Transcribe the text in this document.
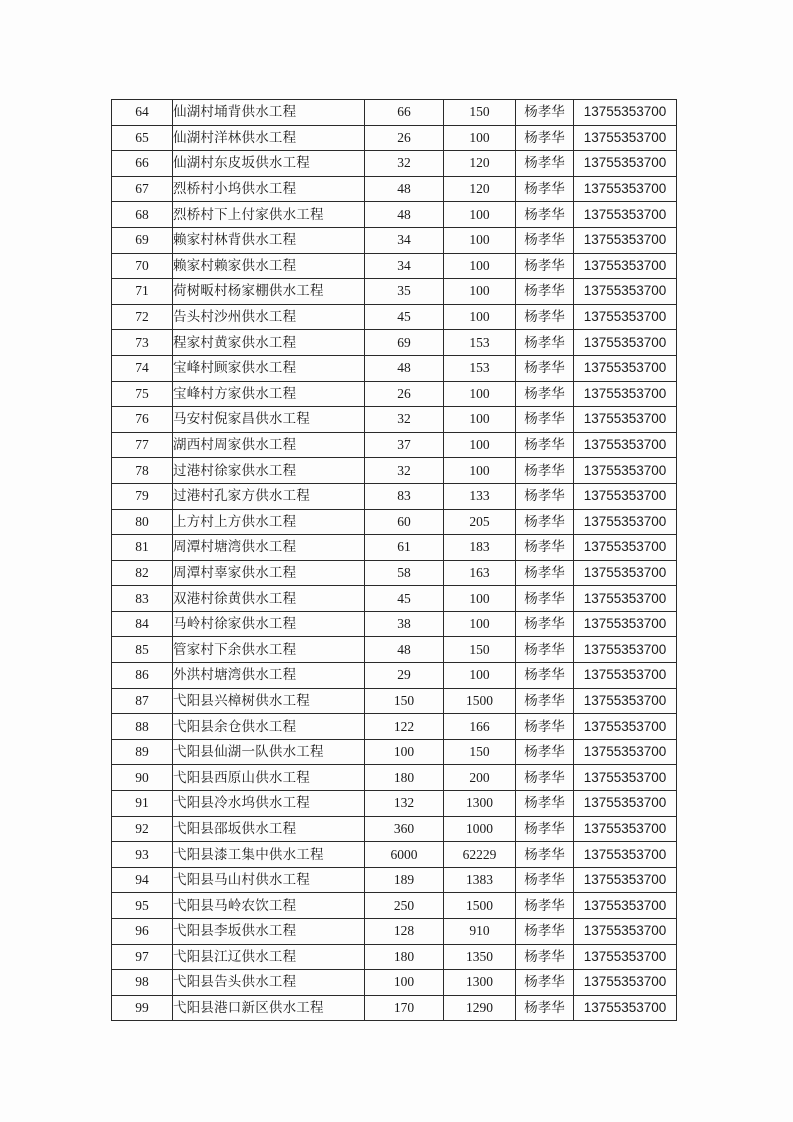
64	仙湖村埇背供水工程	66	150	杨孝华	13755353700
65	仙湖村洋林供水工程	26	100	杨孝华	13755353700
66	仙湖村东皮坂供水工程	32	120	杨孝华	13755353700
67	烈桥村小坞供水工程	48	120	杨孝华	13755353700
68	烈桥村下上付家供水工程	48	100	杨孝华	13755353700
69	赖家村林背供水工程	34	100	杨孝华	13755353700
70	赖家村赖家供水工程	34	100	杨孝华	13755353700
71	荷树畈村杨家棚供水工程	35	100	杨孝华	13755353700
72	告头村沙州供水工程	45	100	杨孝华	13755353700
73	程家村黄家供水工程	69	153	杨孝华	13755353700
74	宝峰村顾家供水工程	48	153	杨孝华	13755353700
75	宝峰村方家供水工程	26	100	杨孝华	13755353700
76	马安村倪家昌供水工程	32	100	杨孝华	13755353700
77	湖西村周家供水工程	37	100	杨孝华	13755353700
78	过港村徐家供水工程	32	100	杨孝华	13755353700
79	过港村孔家方供水工程	83	133	杨孝华	13755353700
80	上方村上方供水工程	60	205	杨孝华	13755353700
81	周潭村塘湾供水工程	61	183	杨孝华	13755353700
82	周潭村辜家供水工程	58	163	杨孝华	13755353700
83	双港村徐黄供水工程	45	100	杨孝华	13755353700
84	马岭村徐家供水工程	38	100	杨孝华	13755353700
85	管家村下余供水工程	48	150	杨孝华	13755353700
86	外洪村塘湾供水工程	29	100	杨孝华	13755353700
87	弋阳县兴樟树供水工程	150	1500	杨孝华	13755353700
88	弋阳县余仓供水工程	122	166	杨孝华	13755353700
89	弋阳县仙湖一队供水工程	100	150	杨孝华	13755353700
90	弋阳县西原山供水工程	180	200	杨孝华	13755353700
91	弋阳县冷水坞供水工程	132	1300	杨孝华	13755353700
92	弋阳县邵坂供水工程	360	1000	杨孝华	13755353700
93	弋阳县漆工集中供水工程	6000	62229	杨孝华	13755353700
94	弋阳县马山村供水工程	189	1383	杨孝华	13755353700
95	弋阳县马岭农饮工程	250	1500	杨孝华	13755353700
96	弋阳县李坂供水工程	128	910	杨孝华	13755353700
97	弋阳县江辽供水工程	180	1350	杨孝华	13755353700
98	弋阳县告头供水工程	100	1300	杨孝华	13755353700
99	弋阳县港口新区供水工程	170	1290	杨孝华	13755353700
